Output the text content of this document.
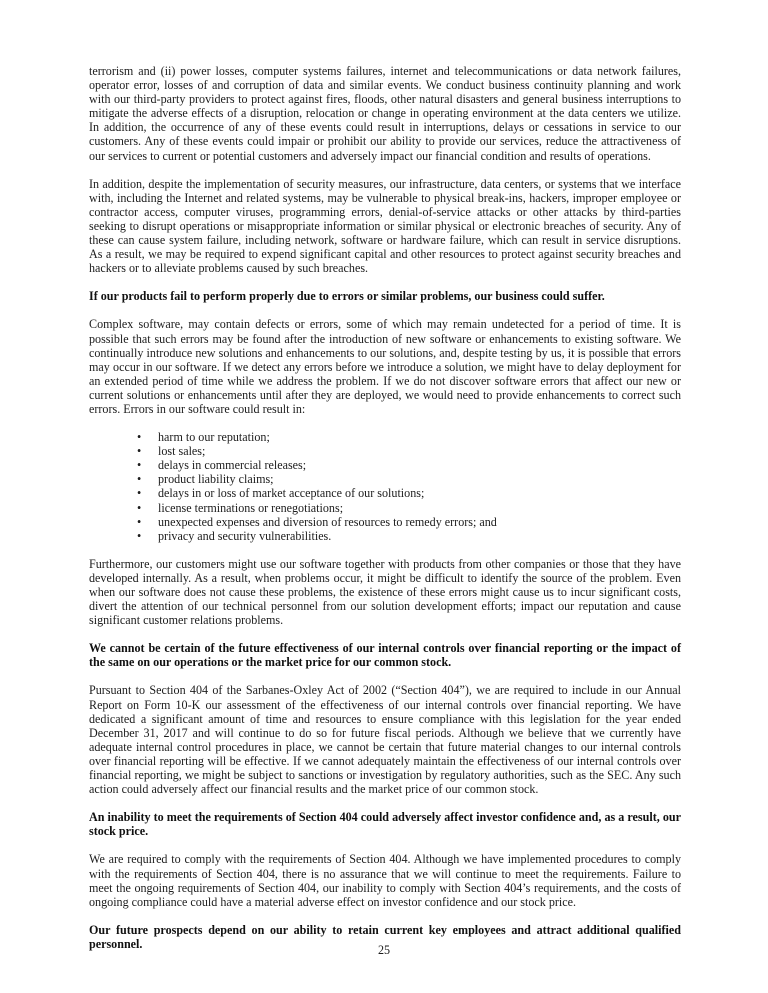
terrorism and (ii) power losses, computer systems failures, internet and telecommunications or data network failures, operator error, losses of and corruption of data and similar events. We conduct business continuity planning and work with our third-party providers to protect against fires, floods, other natural disasters and general business interruptions to mitigate the adverse effects of a disruption, relocation or change in operating environment at the data centers we utilize. In addition, the occurrence of any of these events could result in interruptions, delays or cessations in service to our customers. Any of these events could impair or prohibit our ability to provide our services, reduce the attractiveness of our services to current or potential customers and adversely impact our financial condition and results of operations.

In addition, despite the implementation of security measures, our infrastructure, data centers, or systems that we interface with, including the Internet and related systems, may be vulnerable to physical break-ins, hackers, improper employee or contractor access, computer viruses, programming errors, denial-of-service attacks or other attacks by third-parties seeking to disrupt operations or misappropriate information or similar physical or electronic breaches of security. Any of these can cause system failure, including network, software or hardware failure, which can result in service disruptions. As a result, we may be required to expend significant capital and other resources to protect against security breaches and hackers or to alleviate problems caused by such breaches.

If our products fail to perform properly due to errors or similar problems, our business could suffer.

Complex software, may contain defects or errors, some of which may remain undetected for a period of time. It is possible that such errors may be found after the introduction of new software or enhancements to existing software. We continually introduce new solutions and enhancements to our solutions, and, despite testing by us, it is possible that errors may occur in our software. If we detect any errors before we introduce a solution, we might have to delay deployment for an extended period of time while we address the problem. If we do not discover software errors that affect our new or current solutions or enhancements until after they are deployed, we would need to provide enhancements to correct such errors. Errors in our software could result in:

• harm to our reputation;
• lost sales;
• delays in commercial releases;
• product liability claims;
• delays in or loss of market acceptance of our solutions;
• license terminations or renegotiations;
• unexpected expenses and diversion of resources to remedy errors; and
• privacy and security vulnerabilities.

Furthermore, our customers might use our software together with products from other companies or those that they have developed internally. As a result, when problems occur, it might be difficult to identify the source of the problem. Even when our software does not cause these problems, the existence of these errors might cause us to incur significant costs, divert the attention of our technical personnel from our solution development efforts; impact our reputation and cause significant customer relations problems.

We cannot be certain of the future effectiveness of our internal controls over financial reporting or the impact of the same on our operations or the market price for our common stock.

Pursuant to Section 404 of the Sarbanes-Oxley Act of 2002 (“Section 404”), we are required to include in our Annual Report on Form 10-K our assessment of the effectiveness of our internal controls over financial reporting. We have dedicated a significant amount of time and resources to ensure compliance with this legislation for the year ended December 31, 2017 and will continue to do so for future fiscal periods. Although we believe that we currently have adequate internal control procedures in place, we cannot be certain that future material changes to our internal controls over financial reporting will be effective. If we cannot adequately maintain the effectiveness of our internal controls over financial reporting, we might be subject to sanctions or investigation by regulatory authorities, such as the SEC. Any such action could adversely affect our financial results and the market price of our common stock.

An inability to meet the requirements of Section 404 could adversely affect investor confidence and, as a result, our stock price.

We are required to comply with the requirements of Section 404. Although we have implemented procedures to comply with the requirements of Section 404, there is no assurance that we will continue to meet the requirements. Failure to meet the ongoing requirements of Section 404, our inability to comply with Section 404’s requirements, and the costs of ongoing compliance could have a material adverse effect on investor confidence and our stock price.

Our future prospects depend on our ability to retain current key employees and attract additional qualified personnel.	25
